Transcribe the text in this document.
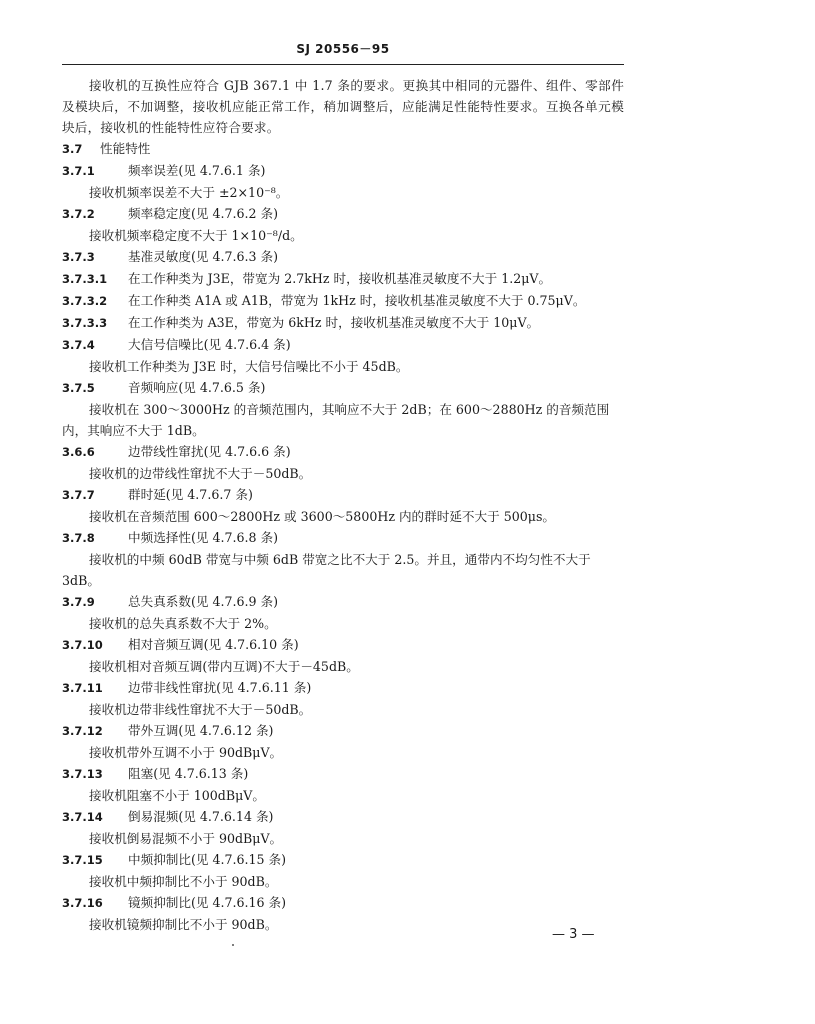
SJ 20556－95

接收机的互换性应符合 GJB 367.1 中 1.7 条的要求。更换其中相同的元器件、组件、零部件及模块后，不加调整，接收机应能正常工作，稍加调整后，应能满足性能特性要求。互换各单元模块后，接收机的性能特性应符合要求。

3.7 性能特性

3.7.1	频率误差(见 4.7.6.1 条)

接收机频率误差不大于 ±2×10⁻⁸。

3.7.2	频率稳定度(见 4.7.6.2 条)

接收机频率稳定度不大于 1×10⁻⁸/d。

3.7.3	基准灵敏度(见 4.7.6.3 条)

3.7.3.1 在工作种类为 J3E，带宽为 2.7kHz 时，接收机基准灵敏度不大于 1.2μV。

3.7.3.2 在工作种类 A1A 或 A1B，带宽为 1kHz 时，接收机基准灵敏度不大于 0.75μV。

3.7.3.3 在工作种类为 A3E，带宽为 6kHz 时，接收机基准灵敏度不大于 10μV。

3.7.4	大信号信噪比(见 4.7.6.4 条)

接收机工作种类为 J3E 时，大信号信噪比不小于 45dB。

3.7.5	音频响应(见 4.7.6.5 条)

接收机在 300～3000Hz 的音频范围内，其响应不大于 2dB；在 600～2880Hz 的音频范围

内，其响应不大于 1dB。

3.6.6	边带线性窜扰(见 4.7.6.6 条)

接收机的边带线性窜扰不大于－50dB。

3.7.7	群时延(见 4.7.6.7 条)

接收机在音频范围 600～2800Hz 或 3600～5800Hz 内的群时延不大于 500μs。

3.7.8	中频选择性(见 4.7.6.8 条)

接收机的中频 60dB 带宽与中频 6dB 带宽之比不大于 2.5。并且，通带内不均匀性不大于

3dB。

3.7.9	总失真系数(见 4.7.6.9 条)

接收机的总失真系数不大于 2%。

3.7.10 相对音频互调(见 4.7.6.10 条)

接收机相对音频互调(带内互调)不大于－45dB。

3.7.11 边带非线性窜扰(见 4.7.6.11 条)

接收机边带非线性窜扰不大于－50dB。

3.7.12 带外互调(见 4.7.6.12 条)

接收机带外互调不小于 90dBμV。

3.7.13 阻塞(见 4.7.6.13 条)

接收机阻塞不小于 100dBμV。

3.7.14 倒易混频(见 4.7.6.14 条)

接收机倒易混频不小于 90dBμV。

3.7.15 中频抑制比(见 4.7.6.15 条)

接收机中频抑制比不小于 90dB。

3.7.16 镜频抑制比(见 4.7.6.16 条)

接收机镜频抑制比不小于 90dB。

— 3 —
